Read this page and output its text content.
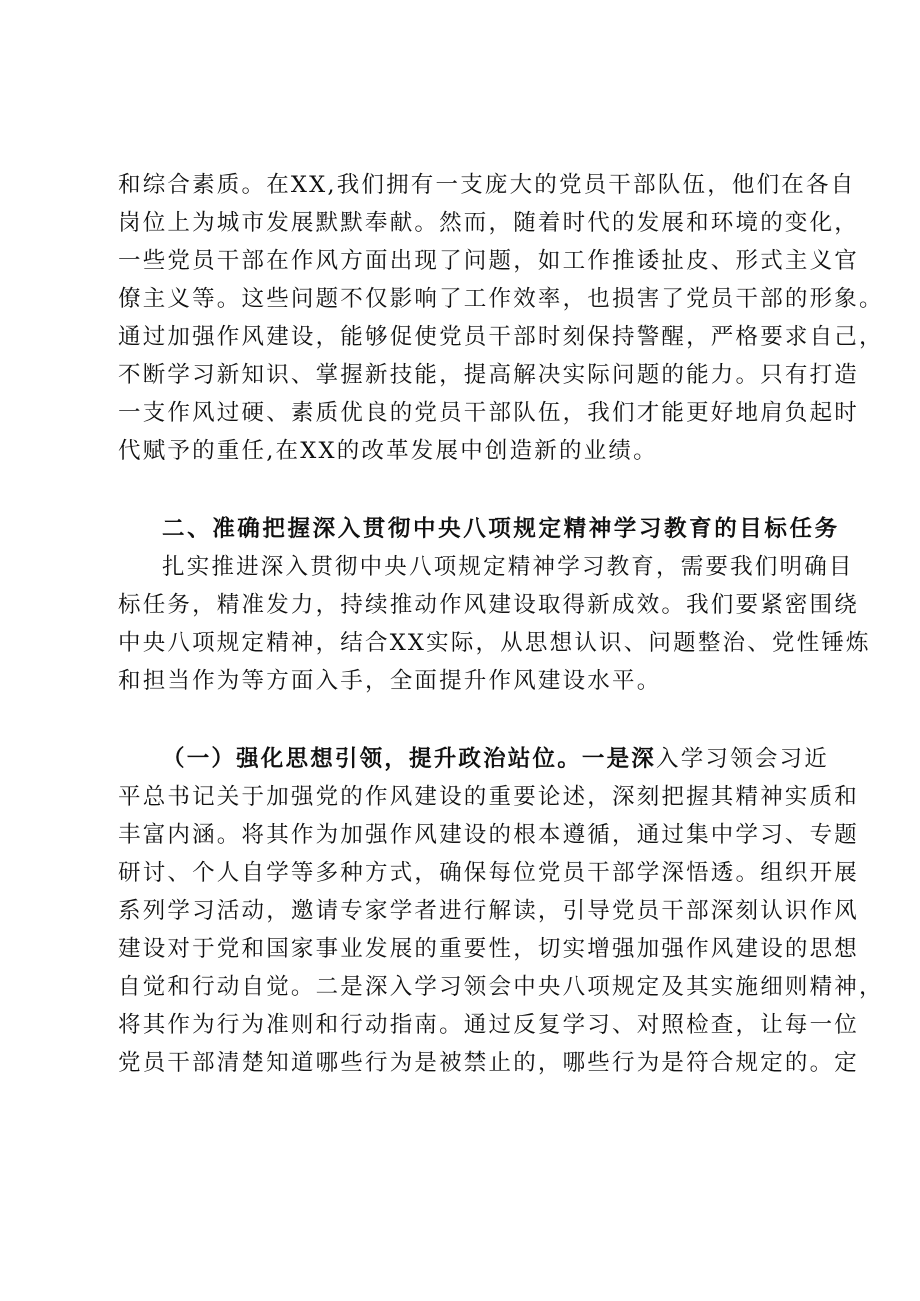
和综合素质。在XX,我们拥有一支庞大的党员干部队伍，他们在各自
岗位上为城市发展默默奉献。然而，随着时代的发展和环境的变化，
一些党员干部在作风方面出现了问题，如工作推诿扯皮、形式主义官
僚主义等。这些问题不仅影响了工作效率，也损害了党员干部的形象。
通过加强作风建设，能够促使党员干部时刻保持警醒，严格要求自己，
不断学习新知识、掌握新技能，提高解决实际问题的能力。只有打造
一支作风过硬、素质优良的党员干部队伍，我们才能更好地肩负起时
代赋予的重任,在XX的改革发展中创造新的业绩。
二、准确把握深入贯彻中央八项规定精神学习教育的目标任务
扎实推进深入贯彻中央八项规定精神学习教育，需要我们明确目
标任务，精准发力，持续推动作风建设取得新成效。我们要紧密围绕
中央八项规定精神，结合XX实际，从思想认识、问题整治、党性锤炼
和担当作为等方面入手，全面提升作风建设水平。
（一）强化思想引领，提升政治站位。一是深入学习领会习近
平总书记关于加强党的作风建设的重要论述，深刻把握其精神实质和
丰富内涵。将其作为加强作风建设的根本遵循，通过集中学习、专题
研讨、个人自学等多种方式，确保每位党员干部学深悟透。组织开展
系列学习活动，邀请专家学者进行解读，引导党员干部深刻认识作风
建设对于党和国家事业发展的重要性，切实增强加强作风建设的思想
自觉和行动自觉。二是深入学习领会中央八项规定及其实施细则精神，
将其作为行为准则和行动指南。通过反复学习、对照检查，让每一位
党员干部清楚知道哪些行为是被禁止的，哪些行为是符合规定的。定
